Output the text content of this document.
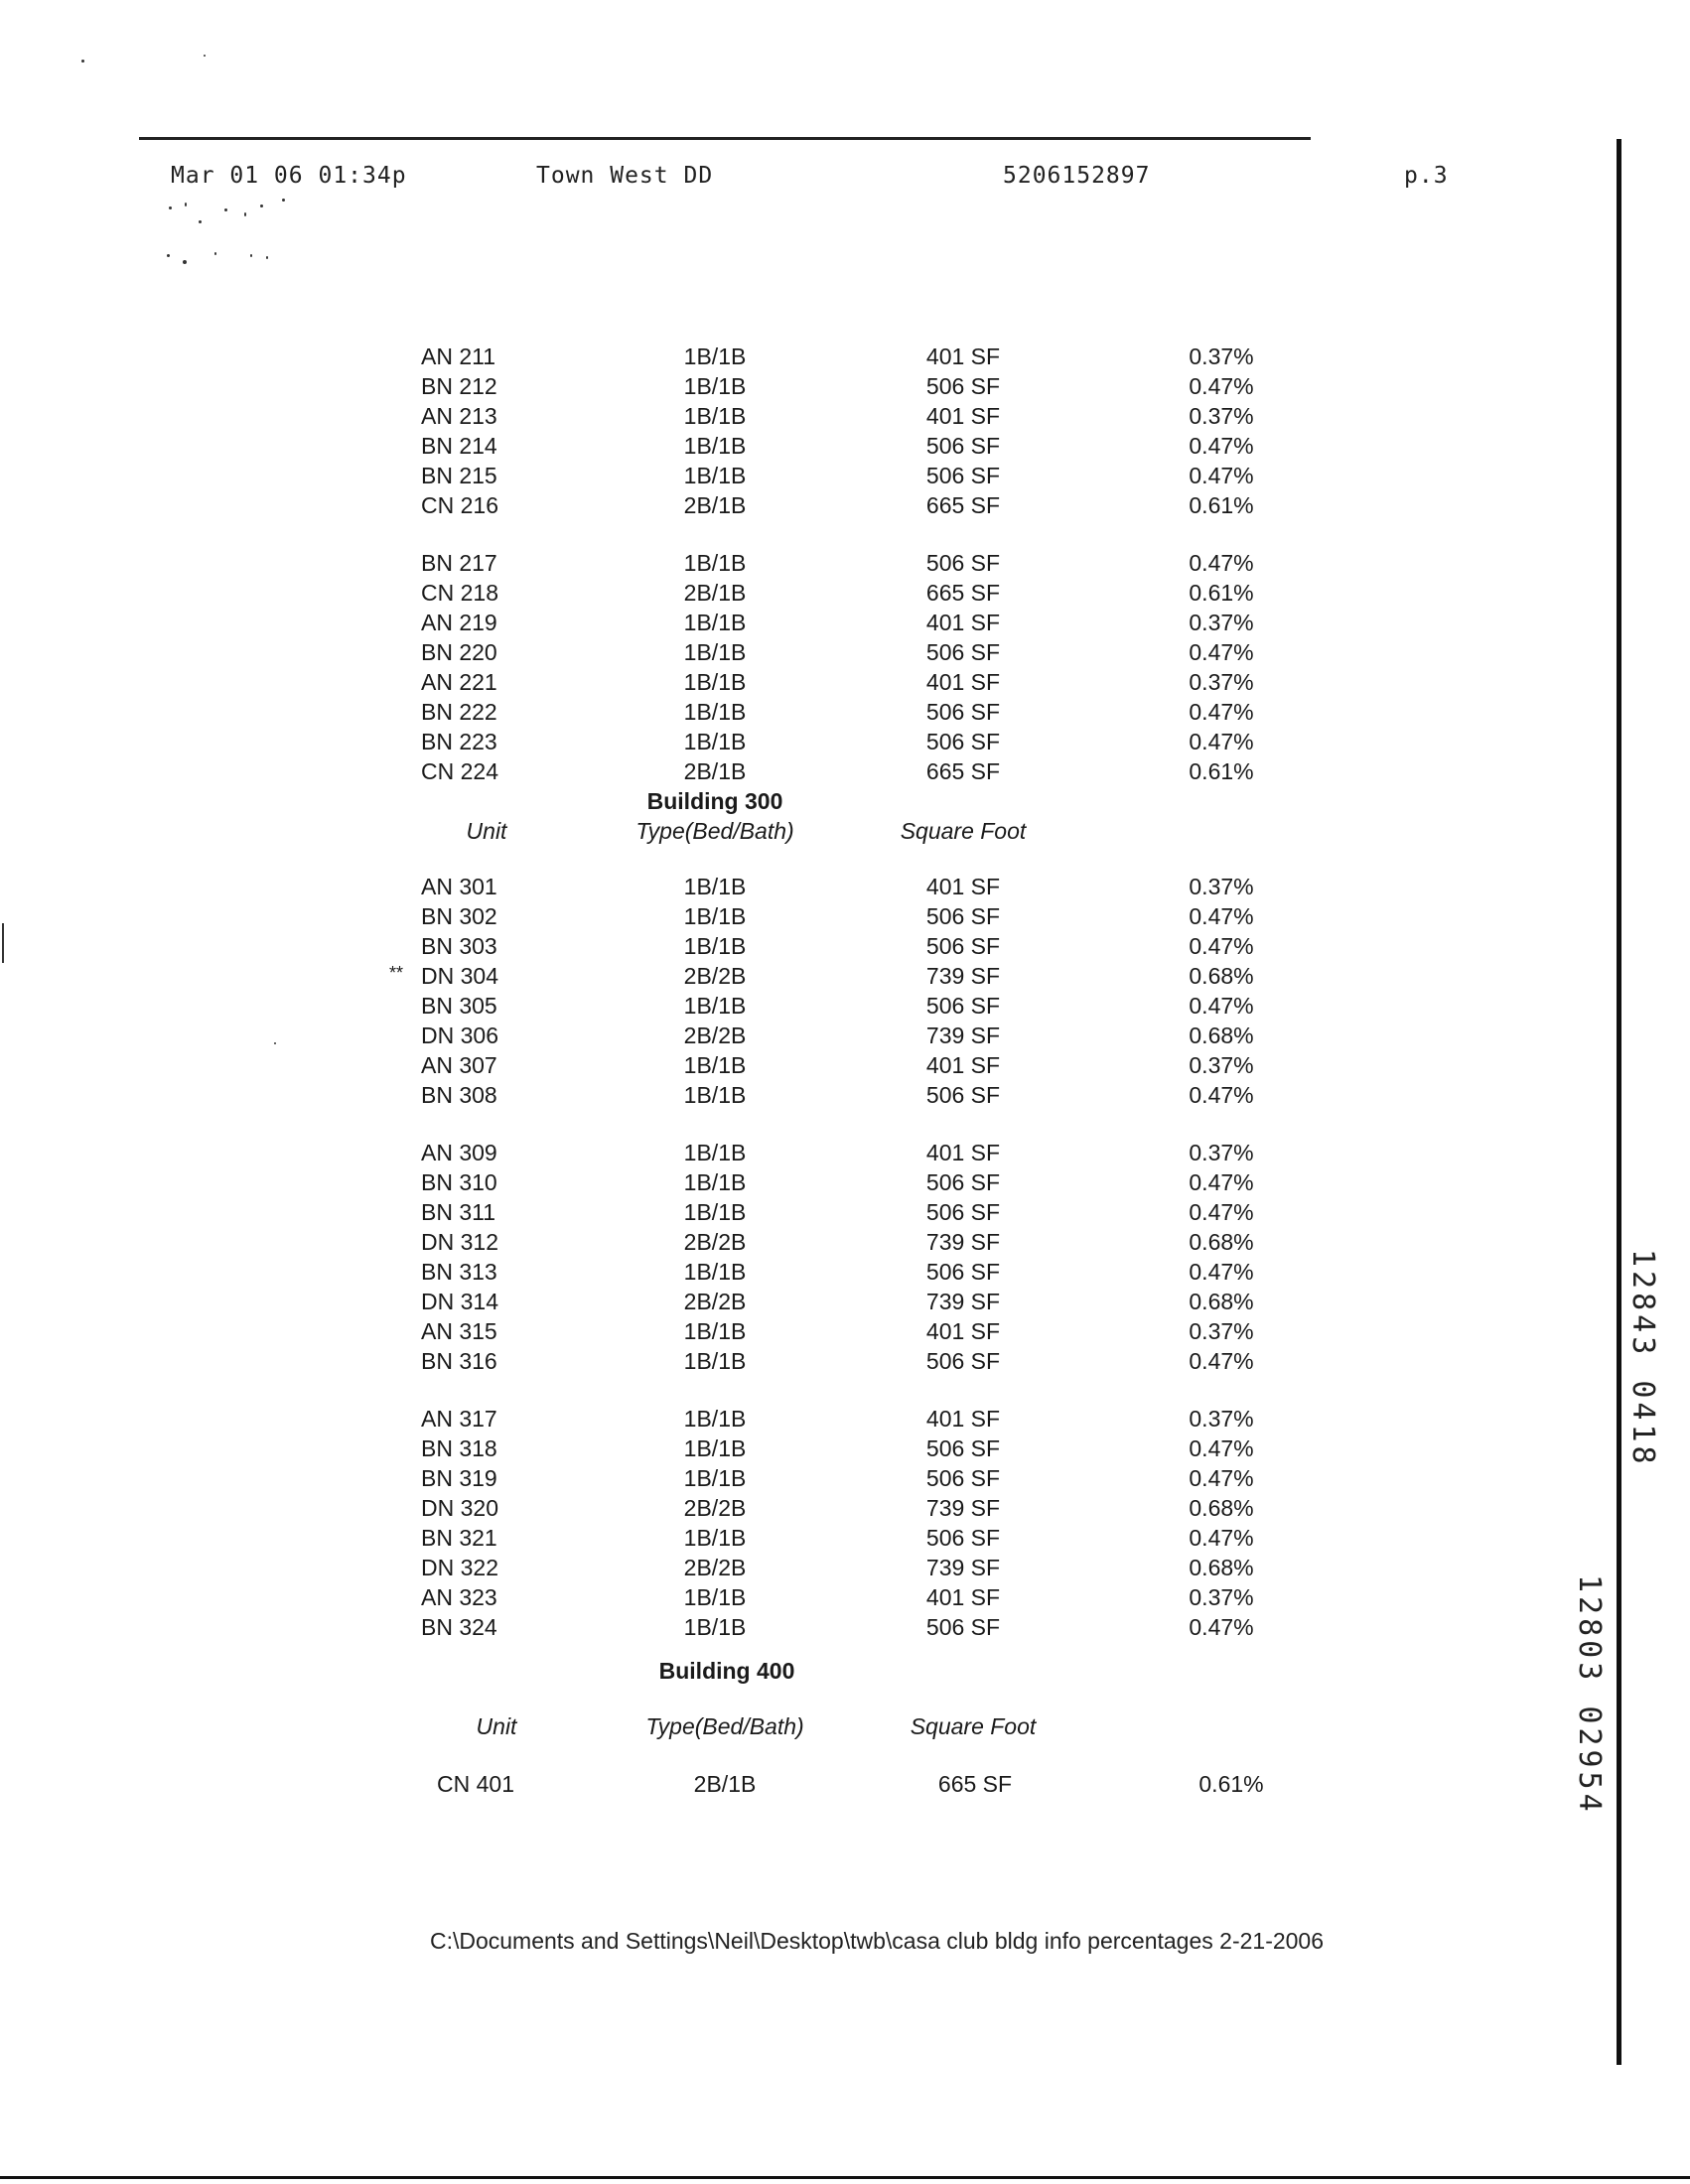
Mar 01 06 01:34p	Town West DD	5206152897	p.3
12843 0418
12803 02954
AN 211	1B/1B	401 SF	0.37%
BN 212	1B/1B	506 SF	0.47%
AN 213	1B/1B	401 SF	0.37%
BN 214	1B/1B	506 SF	0.47%
BN 215	1B/1B	506 SF	0.47%
CN 216	2B/1B	665 SF	0.61%
BN 217	1B/1B	506 SF	0.47%
CN 218	2B/1B	665 SF	0.61%
AN 219	1B/1B	401 SF	0.37%
BN 220	1B/1B	506 SF	0.47%
AN 221	1B/1B	401 SF	0.37%
BN 222	1B/1B	506 SF	0.47%
BN 223	1B/1B	506 SF	0.47%
CN 224	2B/1B	665 SF	0.61%
Building 300
Unit	Type(Bed/Bath)	Square Foot
AN 301	1B/1B	401 SF	0.37%
BN 302	1B/1B	506 SF	0.47%
BN 303	1B/1B	506 SF	0.47%
** DN 304	2B/2B	739 SF	0.68%
BN 305	1B/1B	506 SF	0.47%
DN 306	2B/2B	739 SF	0.68%
AN 307	1B/1B	401 SF	0.37%
BN 308	1B/1B	506 SF	0.47%
AN 309	1B/1B	401 SF	0.37%
BN 310	1B/1B	506 SF	0.47%
BN 311	1B/1B	506 SF	0.47%
DN 312	2B/2B	739 SF	0.68%
BN 313	1B/1B	506 SF	0.47%
DN 314	2B/2B	739 SF	0.68%
AN 315	1B/1B	401 SF	0.37%
BN 316	1B/1B	506 SF	0.47%
AN 317	1B/1B	401 SF	0.37%
BN 318	1B/1B	506 SF	0.47%
BN 319	1B/1B	506 SF	0.47%
DN 320	2B/2B	739 SF	0.68%
BN 321	1B/1B	506 SF	0.47%
DN 322	2B/2B	739 SF	0.68%
AN 323	1B/1B	401 SF	0.37%
BN 324	1B/1B	506 SF	0.47%
Building 400
Unit	Type(Bed/Bath)	Square Foot
CN 401	2B/1B	665 SF	0.61%
C:\Documents and Settings\Neil\Desktop\twb\casa club bldg info percentages 2-21-2006
